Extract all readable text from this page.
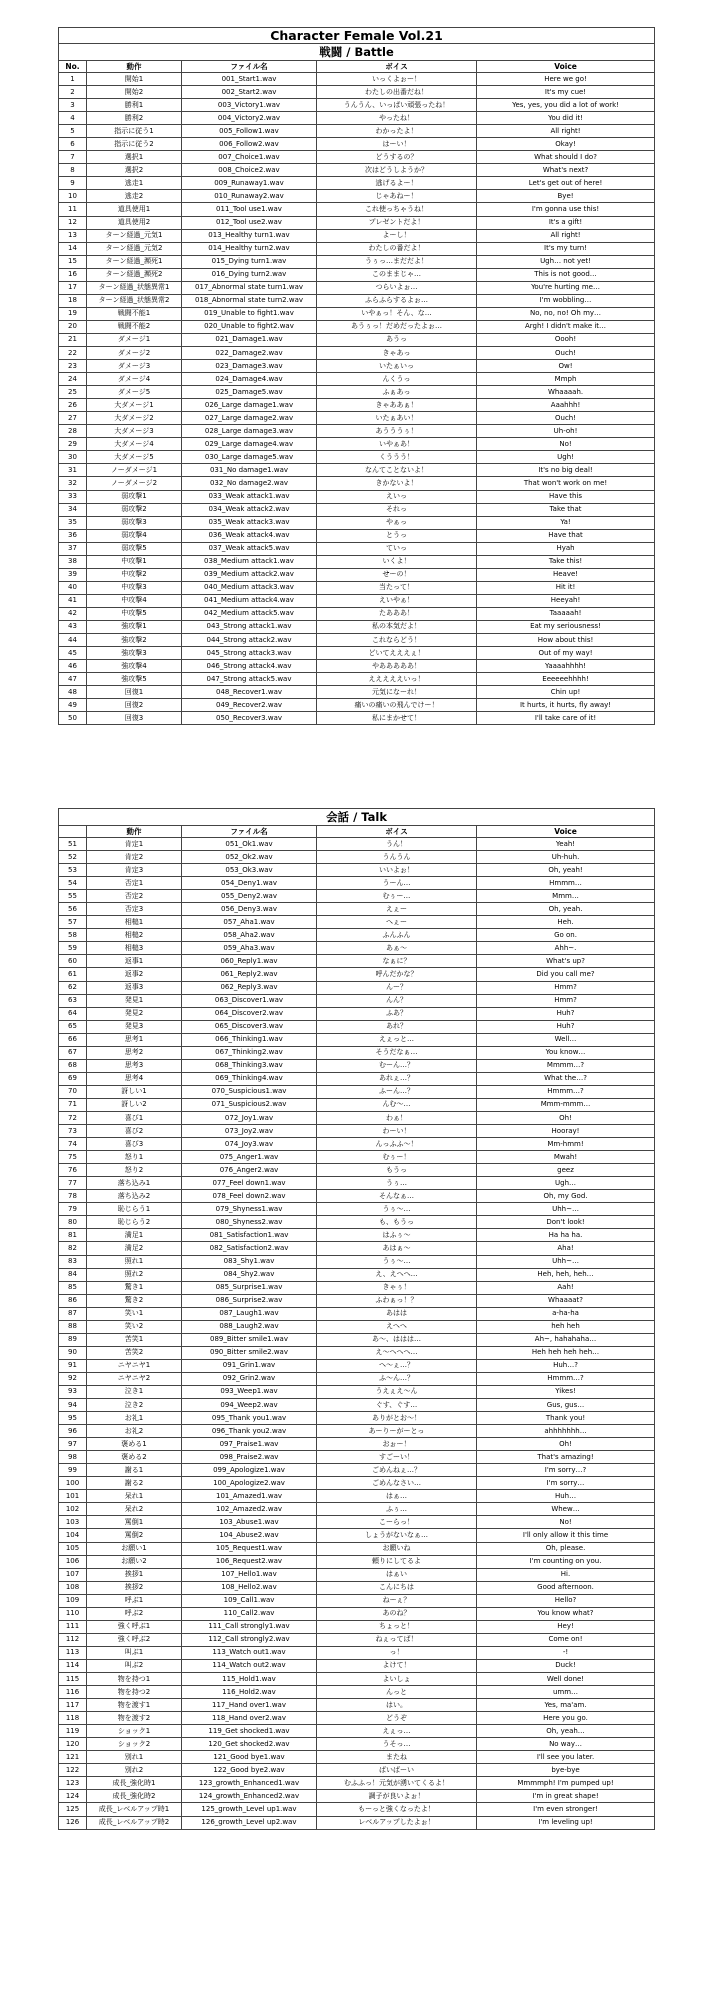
Character Female Vol.21				
戦闘 / Battle				
No.	動作	ファイル名	ボイス	Voice
1	開始1	001_Start1.wav	いっくよぉー！	Here we go!
2	開始2	002_Start2.wav	わたしの出番だね！	It's my cue!
3	勝利1	003_Victory1.wav	うんうん、いっぱい頑張ったね！	Yes, yes, you did a lot of work!
4	勝利2	004_Victory2.wav	やったね！	You did it!
5	指示に従う1	005_Follow1.wav	わかったよ！	All right!
6	指示に従う2	006_Follow2.wav	はーい！	Okay!
7	選択1	007_Choice1.wav	どうするの？	What should I do?
8	選択2	008_Choice2.wav	次はどうしようか？	What's next?
9	逃走1	009_Runaway1.wav	逃げるよー！	Let's get out of here!
10	逃走2	010_Runaway2.wav	じゃあねー！	Bye!
11	道具使用1	011_Tool use1.wav	これ使っちゃうね！	I'm gonna use this!
12	道具使用2	012_Tool use2.wav	プレゼントだよ！	It's a gift!
13	ターン経過_元気1	013_Healthy turn1.wav	よーし！	All right!
14	ターン経過_元気2	014_Healthy turn2.wav	わたしの番だよ！	It's my turn!
15	ターン経過_瀕死1	015_Dying turn1.wav	うぅっ…まだだよ！	Ugh… not yet!
16	ターン経過_瀕死2	016_Dying turn2.wav	このままじゃ…	This is not good…
17	ターン経過_状態異常1	017_Abnormal state turn1.wav	つらいよぉ…	You're hurting me…
18	ターン経過_状態異常2	018_Abnormal state turn2.wav	ふらふらするよぉ…	I'm wobbling…
19	戦闘不能1	019_Unable to fight1.wav	いやぁっ！そん、な…	No, no, no! Oh my…
20	戦闘不能2	020_Unable to fight2.wav	あうぅっ！だめだったよぉ…	Argh! I didn't make it…
21	ダメージ1	021_Damage1.wav	あうっ	Oooh!
22	ダメージ2	022_Damage2.wav	きゃあっ	Ouch!
23	ダメージ3	023_Damage3.wav	いたぁいっ	Ow!
24	ダメージ4	024_Damage4.wav	んくうっ	Mmph
25	ダメージ5	025_Damage5.wav	ふぁあっ	Whaaaah.
26	大ダメージ1	026_Large damage1.wav	きゃああぁ！	Aaahhh!
27	大ダメージ2	027_Large damage2.wav	いたぁあい！	Ouch!
28	大ダメージ3	028_Large damage3.wav	あうううぅ！	Uh-oh!
29	大ダメージ4	029_Large damage4.wav	いやぁあ！	No!
30	大ダメージ5	030_Large damage5.wav	くううう！	Ugh!
31	ノーダメージ1	031_No damage1.wav	なんてことないよ！	It's no big deal!
32	ノーダメージ2	032_No damage2.wav	きかないよ！	That won't work on me!
33	弱攻撃1	033_Weak attack1.wav	えいっ	Have this
34	弱攻撃2	034_Weak attack2.wav	それっ	Take that
35	弱攻撃3	035_Weak attack3.wav	やぁっ	Ya!
36	弱攻撃4	036_Weak attack4.wav	とうっ	Have that
37	弱攻撃5	037_Weak attack5.wav	ていっ	Hyah
38	中攻撃1	038_Medium attack1.wav	いくよ！	Take this!
39	中攻撃2	039_Medium attack2.wav	せーの！	Heave!
40	中攻撃3	040_Medium attack3.wav	当たって！	Hit it!
41	中攻撃4	041_Medium attack4.wav	えいやぁ！	Heeyah!
42	中攻撃5	042_Medium attack5.wav	たあああ！	Taaaaah!
43	強攻撃1	043_Strong attack1.wav	私の本気だよ！	Eat my seriousness!
44	強攻撃2	044_Strong attack2.wav	これならどう！	How about this!
45	強攻撃3	045_Strong attack3.wav	どいてえええぇ！	Out of my way!
46	強攻撃4	046_Strong attack4.wav	やあああああ！	Yaaaahhhh!
47	強攻撃5	047_Strong attack5.wav	えええええいっ！	Eeeeeehhhh!
48	回復1	048_Recover1.wav	元気になーれ！	Chin up!
49	回復2	049_Recover2.wav	痛いの痛いの飛んでけー！	It hurts, it hurts, fly away!
50	回復3	050_Recover3.wav	私にまかせて！	I'll take care of it!
会話 / Talk				
	動作	ファイル名	ボイス	Voice
51	肯定1	051_Ok1.wav	うん！	Yeah!
52	肯定2	052_Ok2.wav	うんうん	Uh-huh.
53	肯定3	053_Ok3.wav	いいよぉ！	Oh, yeah!
54	否定1	054_Deny1.wav	うーん…	Hmmm…
55	否定2	055_Deny2.wav	むぅー…	Mmm…
56	否定3	056_Deny3.wav	えぇー	Oh, yeah.
57	相槌1	057_Aha1.wav	へぇー	Heh.
58	相槌2	058_Aha2.wav	ふんふん	Go on.
59	相槌3	059_Aha3.wav	あぁ～	Ahh~.
60	返事1	060_Reply1.wav	なぁに？	What's up?
61	返事2	061_Reply2.wav	呼んだかな？	Did you call me?
62	返事3	062_Reply3.wav	んー？	Hmm?
63	発見1	063_Discover1.wav	んん？	Hmm?
64	発見2	064_Discover2.wav	ふあ？	Huh?
65	発見3	065_Discover3.wav	あれ？	Huh?
66	思考1	066_Thinking1.wav	えぇっと…	Well…
67	思考2	067_Thinking2.wav	そうだなぁ…	You know…
68	思考3	068_Thinking3.wav	むーん…？	Mmmm…?
69	思考4	069_Thinking4.wav	あれぇ…？	What the…?
70	訝しい1	070_Suspicious1.wav	ふーん…？	Hmmm…?
71	訝しい2	071_Suspicious2.wav	んむ～…	Mmm-mmm…
72	喜び1	072_Joy1.wav	わぁ！	Oh!
73	喜び2	073_Joy2.wav	わーい！	Hooray!
74	喜び3	074_Joy3.wav	んっふふ～！	Mm-hmm!
75	怒り1	075_Anger1.wav	むぅー！	Mwah!
76	怒り2	076_Anger2.wav	もうっ	geez
77	落ち込み1	077_Feel down1.wav	うぅ…	Ugh…
78	落ち込み2	078_Feel down2.wav	そんなぁ…	Oh, my God.
79	恥じらう1	079_Shyness1.wav	うぅ～…	Uhh~…
80	恥じらう2	080_Shyness2.wav	も、もうっ	Don't look!
81	満足1	081_Satisfaction1.wav	はふぅ～	Ha ha ha.
82	満足2	082_Satisfaction2.wav	あはぁ～	Aha!
83	照れ1	083_Shy1.wav	うぅ～…	Uhh~…
84	照れ2	084_Shy2.wav	え、えへへ…	Heh, heh, heh…
85	驚き1	085_Surprise1.wav	きゃぅ！	Aah!
86	驚き2	086_Surprise2.wav	ふわぁっ！？	Whaaaat?
87	笑い1	087_Laugh1.wav	あはは	a-ha-ha
88	笑い2	088_Laugh2.wav	えへへ	heh heh
89	苦笑1	089_Bitter smile1.wav	あ～、ははは…	Ah~, hahahaha…
90	苦笑2	090_Bitter smile2.wav	え～へへへ…	Heh heh heh heh…
91	ニヤニヤ1	091_Grin1.wav	へ～ぇ…？	Huh…?
92	ニヤニヤ2	092_Grin2.wav	ふ～ん…？	Hmmm…?
93	泣き1	093_Weep1.wav	うえぇえ～ん	Yikes!
94	泣き2	094_Weep2.wav	ぐす、ぐす…	Gus, gus…
95	お礼1	095_Thank you1.wav	ありがとお～！	Thank you!
96	お礼2	096_Thank you2.wav	あーりーがーとっ	ahhhhhhh…
97	褒める1	097_Praise1.wav	おぉー！	Oh!
98	褒める2	098_Praise2.wav	すごーい！	That's amazing!
99	謝る1	099_Apologize1.wav	ごめんねぇ…？	I'm sorry…?
100	謝る2	100_Apologize2.wav	ごめんなさい…	I'm sorry…
101	呆れ1	101_Amazed1.wav	はぁ…	Huh…
102	呆れ2	102_Amazed2.wav	ふぅ…	Whew…
103	罵倒1	103_Abuse1.wav	こーらっ！	No!
104	罵倒2	104_Abuse2.wav	しょうがないなぁ…	I'll only allow it this time
105	お願い1	105_Request1.wav	お願いね	Oh, please.
106	お願い2	106_Request2.wav	頼りにしてるよ	I'm counting on you.
107	挨拶1	107_Hello1.wav	はぁい	Hi.
108	挨拶2	108_Hello2.wav	こんにちは	Good afternoon.
109	呼ぶ1	109_Call1.wav	ねーぇ？	Hello?
110	呼ぶ2	110_Call2.wav	あのね？	You know what?
111	強く呼ぶ1	111_Call strongly1.wav	ちょっと！	Hey!
112	強く呼ぶ2	112_Call strongly2.wav	ねぇってば！	Come on!
113	叫ぶ1	113_Watch out1.wav	っ！	-!
114	叫ぶ2	114_Watch out2.wav	よけて！	Duck!
115	物を持つ1	115_Hold1.wav	よいしょ	Well done!
116	物を持つ2	116_Hold2.wav	んっと	umm…
117	物を渡す1	117_Hand over1.wav	はい。	Yes, ma'am.
118	物を渡す2	118_Hand over2.wav	どうぞ	Here you go.
119	ショック1	119_Get shocked1.wav	えぇっ…	Oh, yeah…
120	ショック2	120_Get shocked2.wav	うそっ…	No way…
121	別れ1	121_Good bye1.wav	またね	I'll see you later.
122	別れ2	122_Good bye2.wav	ばいばーい	bye-bye
123	成長_強化時1	123_growth_Enhanced1.wav	むふふっ！元気が湧いてくるよ！	Mmmmph! I'm pumped up!
124	成長_強化時2	124_growth_Enhanced2.wav	調子が良いよぉ！	I'm in great shape!
125	成長_レベルアップ時1	125_growth_Level up1.wav	もーっと強くなったよ！	I'm even stronger!
126	成長_レベルアップ時2	126_growth_Level up2.wav	レベルアップしたよぉ！	I'm leveling up!
